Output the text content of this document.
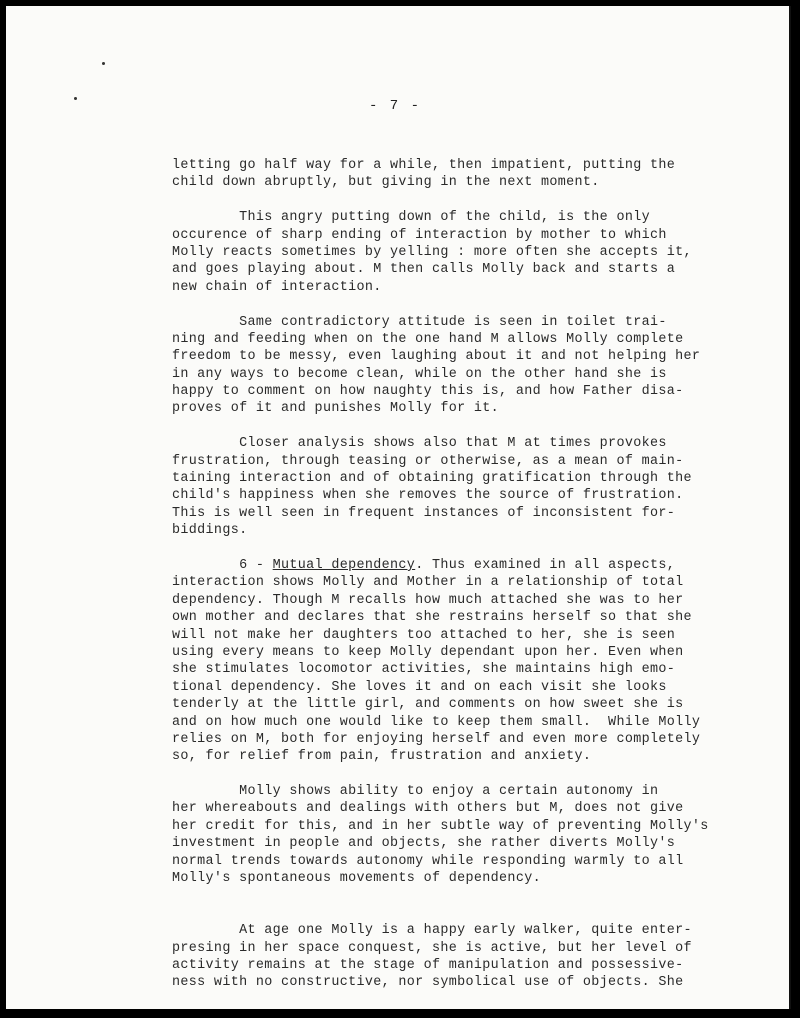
- 7 -
letting go half way for a while, then impatient, putting the
child down abruptly, but giving in the next moment.
This angry putting down of the child, is the only
occurence of sharp ending of interaction by mother to which
Molly reacts sometimes by yelling : more often she accepts it,
and goes playing about. M then calls Molly back and starts a
new chain of interaction.
Same contradictory attitude is seen in toilet trai-
ning and feeding when on the one hand M allows Molly complete
freedom to be messy, even laughing about it and not helping her
in any ways to become clean, while on the other hand she is
happy to comment on how naughty this is, and how Father disa-
proves of it and punishes Molly for it.
Closer analysis shows also that M at times provokes
frustration, through teasing or otherwise, as a mean of main-
taining interaction and of obtaining gratification through the
child's happiness when she removes the source of frustration.
This is well seen in frequent instances of inconsistent for-
biddings.
6 - Mutual dependency. Thus examined in all aspects,
interaction shows Molly and Mother in a relationship of total
dependency. Though M recalls how much attached she was to her
own mother and declares that she restrains herself so that she
will not make her daughters too attached to her, she is seen
using every means to keep Molly dependant upon her. Even when
she stimulates locomotor activities, she maintains high emo-
tional dependency. She loves it and on each visit she looks
tenderly at the little girl, and comments on how sweet she is
and on how much one would like to keep them small.  While Molly
relies on M, both for enjoying herself and even more completely
so, for relief from pain, frustration and anxiety.
Molly shows ability to enjoy a certain autonomy in
her whereabouts and dealings with others but M, does not give
her credit for this, and in her subtle way of preventing Molly's
investment in people and objects, she rather diverts Molly's
normal trends towards autonomy while responding warmly to all
Molly's spontaneous movements of dependency.
At age one Molly is a happy early walker, quite enter-
presing in her space conquest, she is active, but her level of
activity remains at the stage of manipulation and possessive-
ness with no constructive, nor symbolical use of objects. She
